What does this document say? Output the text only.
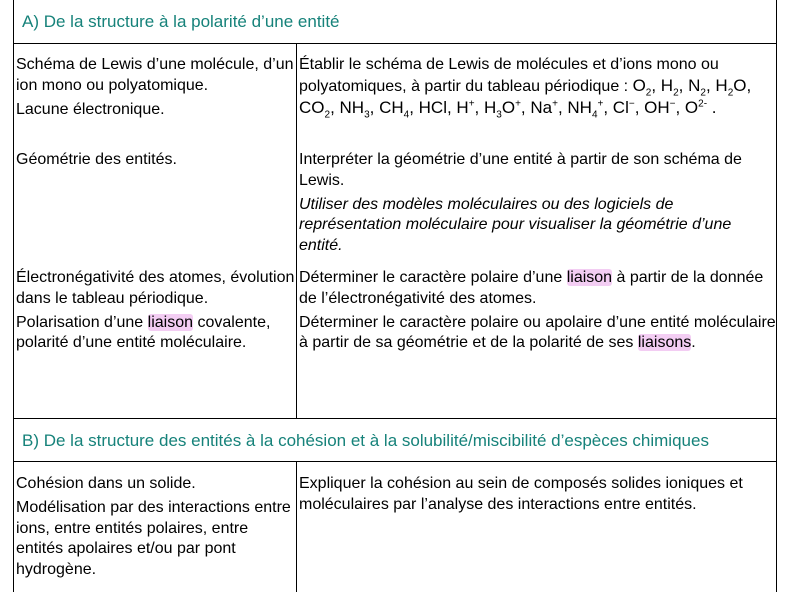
A) De la structure à la polarité d’une entité

Schéma de Lewis d’une molécule, d’un ion mono ou polyatomique.

Lacune électronique.

Établir le schéma de Lewis de molécules et d’ions mono ou polyatomiques, à partir du tableau périodique : $O_2$, $H_2$, $N_2$, $H_2O$, $CO_2$, $NH_3$, $CH_4$, HCl, H+, $H_3O^+$, Na+, $NH_4^+$, Cl−, OH−, $O^{2-}$ .

Géométrie des entités.	Interpréter la géométrie d’une entité à partir de son schéma de Lewis.

Utiliser des modèles moléculaires ou des logiciels de représentation moléculaire pour visualiser la géométrie d’une entité.

Électronégativité des atomes, évolution dans le tableau périodique.

Polarisation d’une liaison covalente, polarité d’une entité moléculaire.

Déterminer le caractère polaire d’une liaison à partir de la donnée de l’électronégativité des atomes.

Déterminer le caractère polaire ou apolaire d’une entité moléculaire à partir de sa géométrie et de la polarité de ses liaisons.

B) De la structure des entités à la cohésion et à la solubilité/miscibilité d’espèces chimiques

Cohésion dans un solide.

Modélisation par des interactions entre ions, entre entités polaires, entre entités apolaires et/ou par pont hydrogène.

Expliquer la cohésion au sein de composés solides ioniques et moléculaires par l’analyse des interactions entre entités.
